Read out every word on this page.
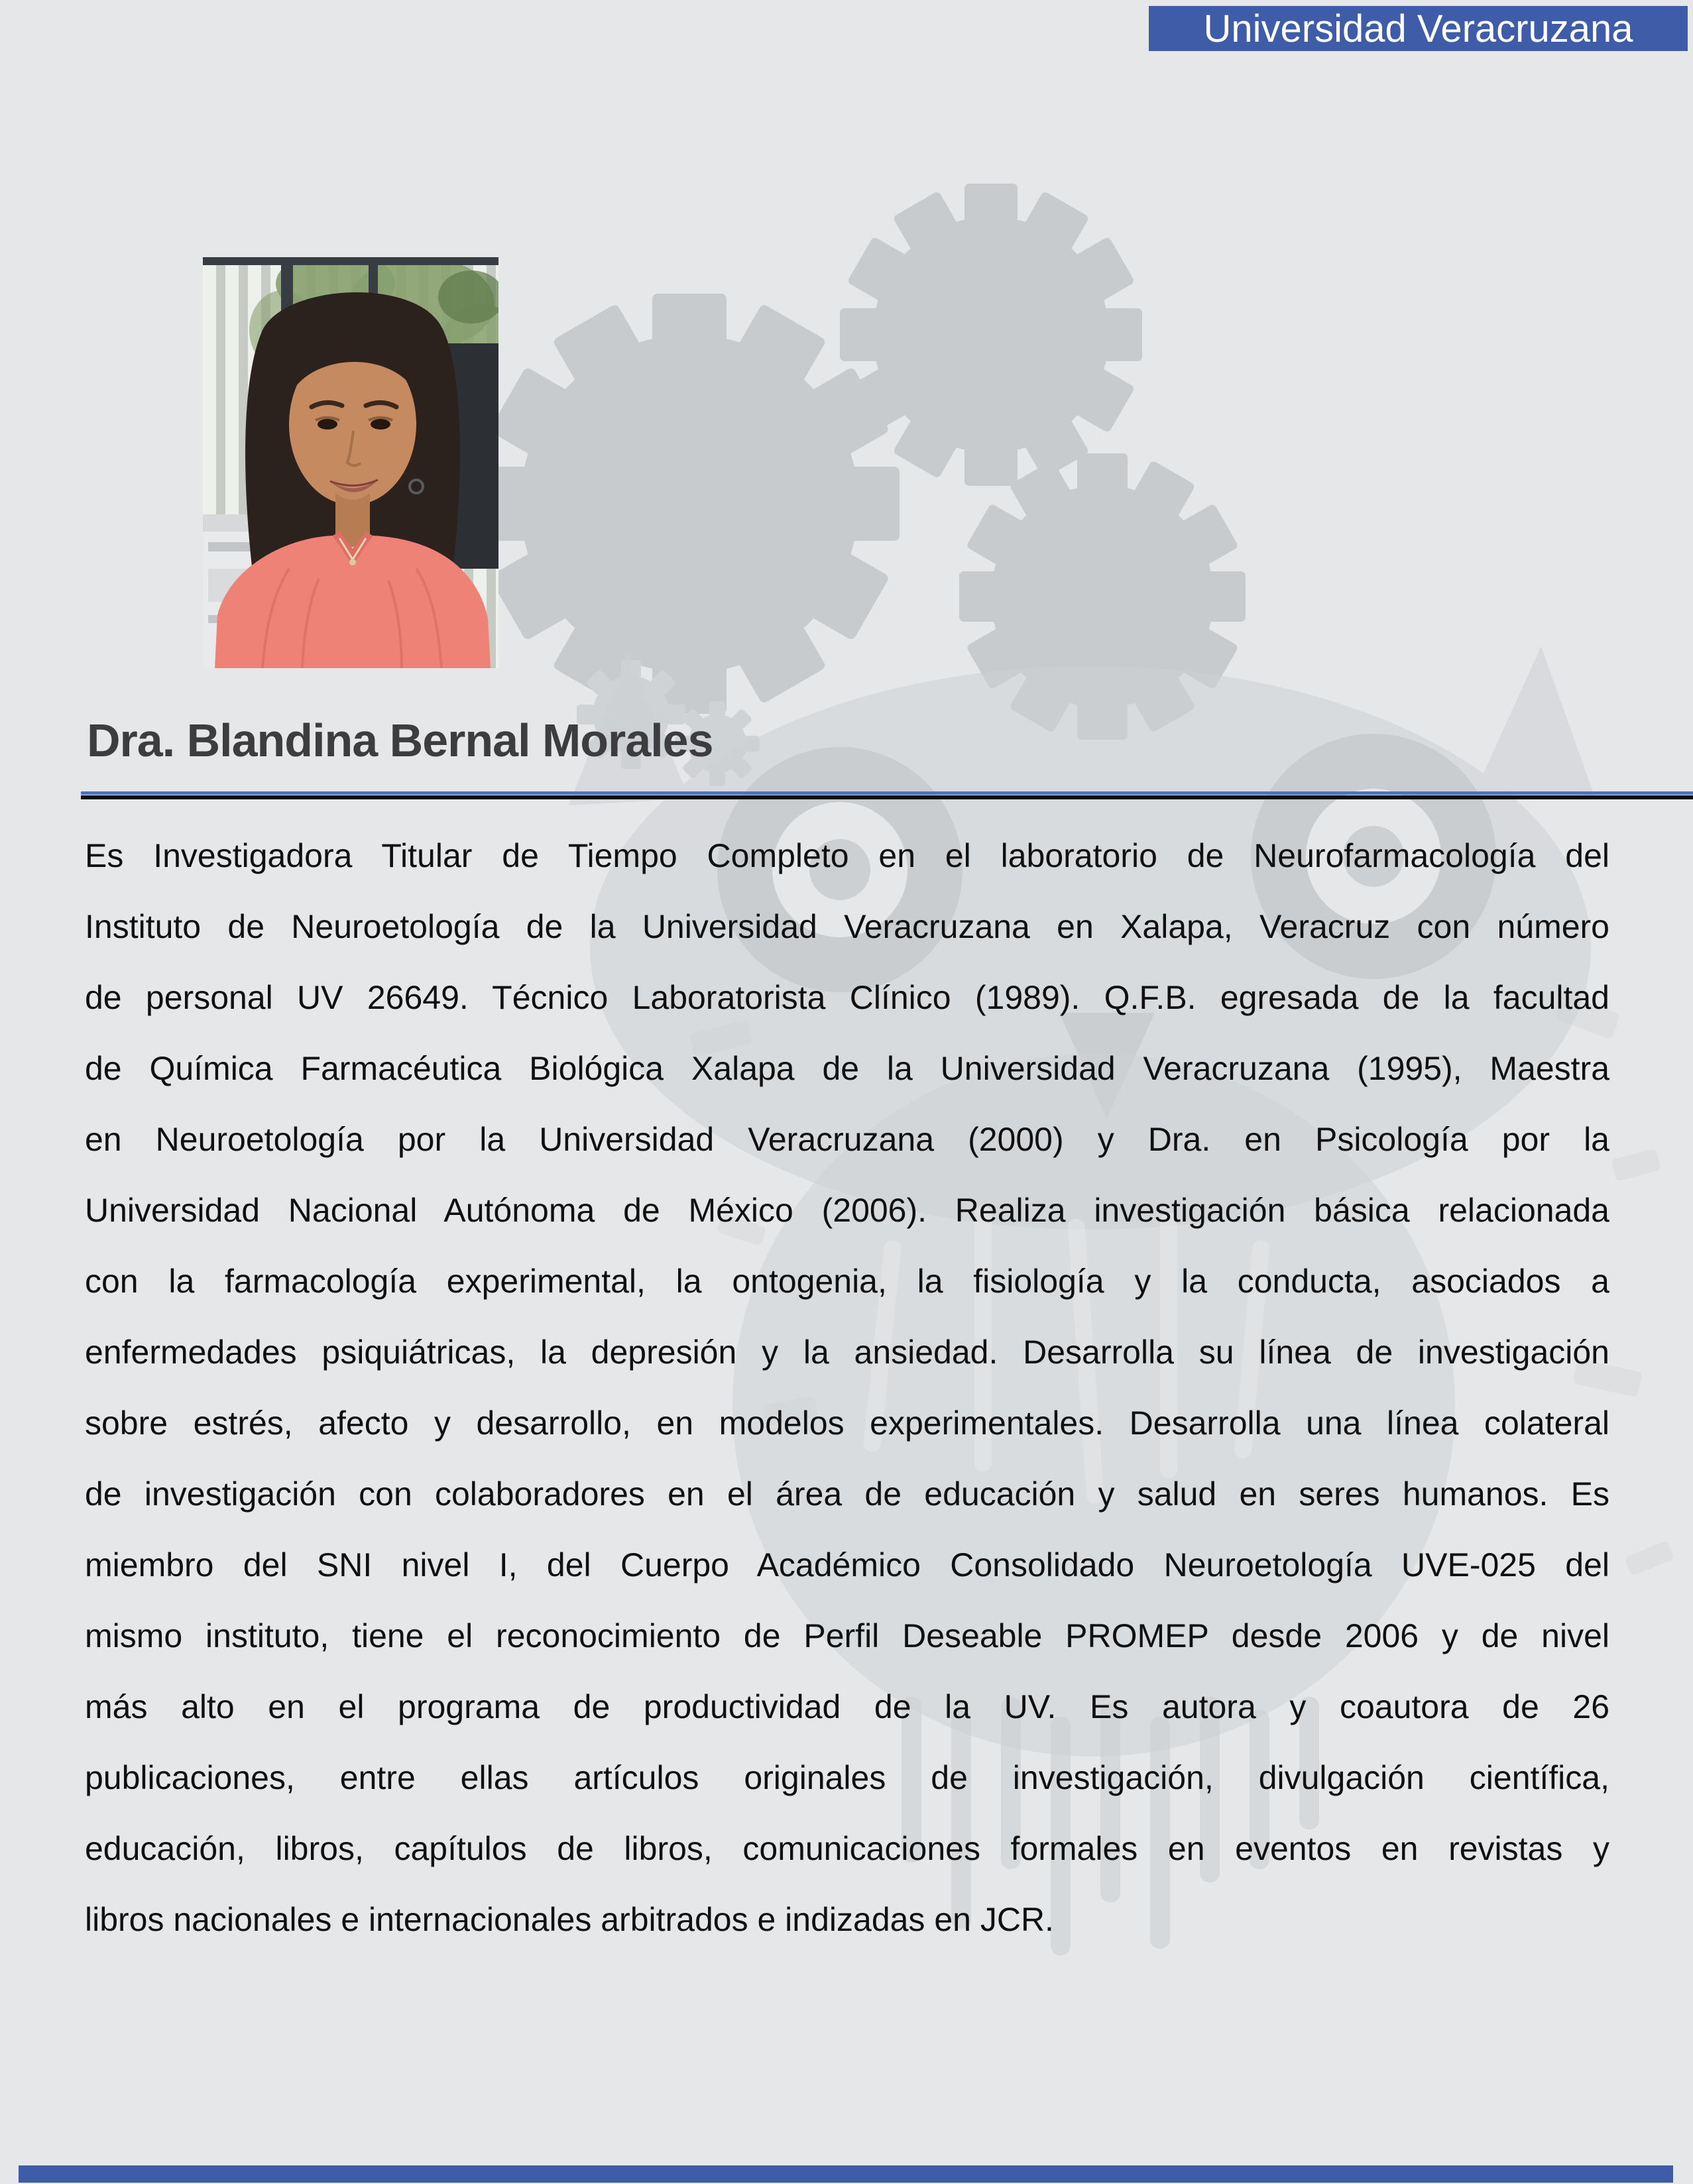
Universidad Veracruzana
Dra. Blandina Bernal Morales
Es Investigadora Titular de Tiempo Completo en el laboratorio de Neurofarmacología del
Instituto de Neuroetología de la Universidad Veracruzana en Xalapa, Veracruz con número
de personal UV 26649. Técnico Laboratorista Clínico (1989). Q.F.B. egresada de la facultad
de Química Farmacéutica Biológica Xalapa de la Universidad Veracruzana (1995), Maestra
en Neuroetología por la Universidad Veracruzana (2000) y Dra. en Psicología por la
Universidad Nacional Autónoma de México (2006). Realiza investigación básica relacionada
con la farmacología experimental, la ontogenia, la fisiología y la conducta, asociados a
enfermedades psiquiátricas, la depresión y la ansiedad. Desarrolla su línea de investigación
sobre estrés, afecto y desarrollo, en modelos experimentales. Desarrolla una línea colateral
de investigación con colaboradores en el área de educación y salud en seres humanos. Es
miembro del SNI nivel I, del Cuerpo Académico Consolidado Neuroetología UVE-025 del
mismo instituto, tiene el reconocimiento de Perfil Deseable PROMEP desde 2006 y de nivel
más alto en el programa de productividad de la UV. Es autora y coautora de 26
publicaciones, entre ellas artículos originales de investigación, divulgación científica,
educación, libros, capítulos de libros, comunicaciones formales en eventos en revistas y
libros nacionales e internacionales arbitrados e indizadas en JCR.
